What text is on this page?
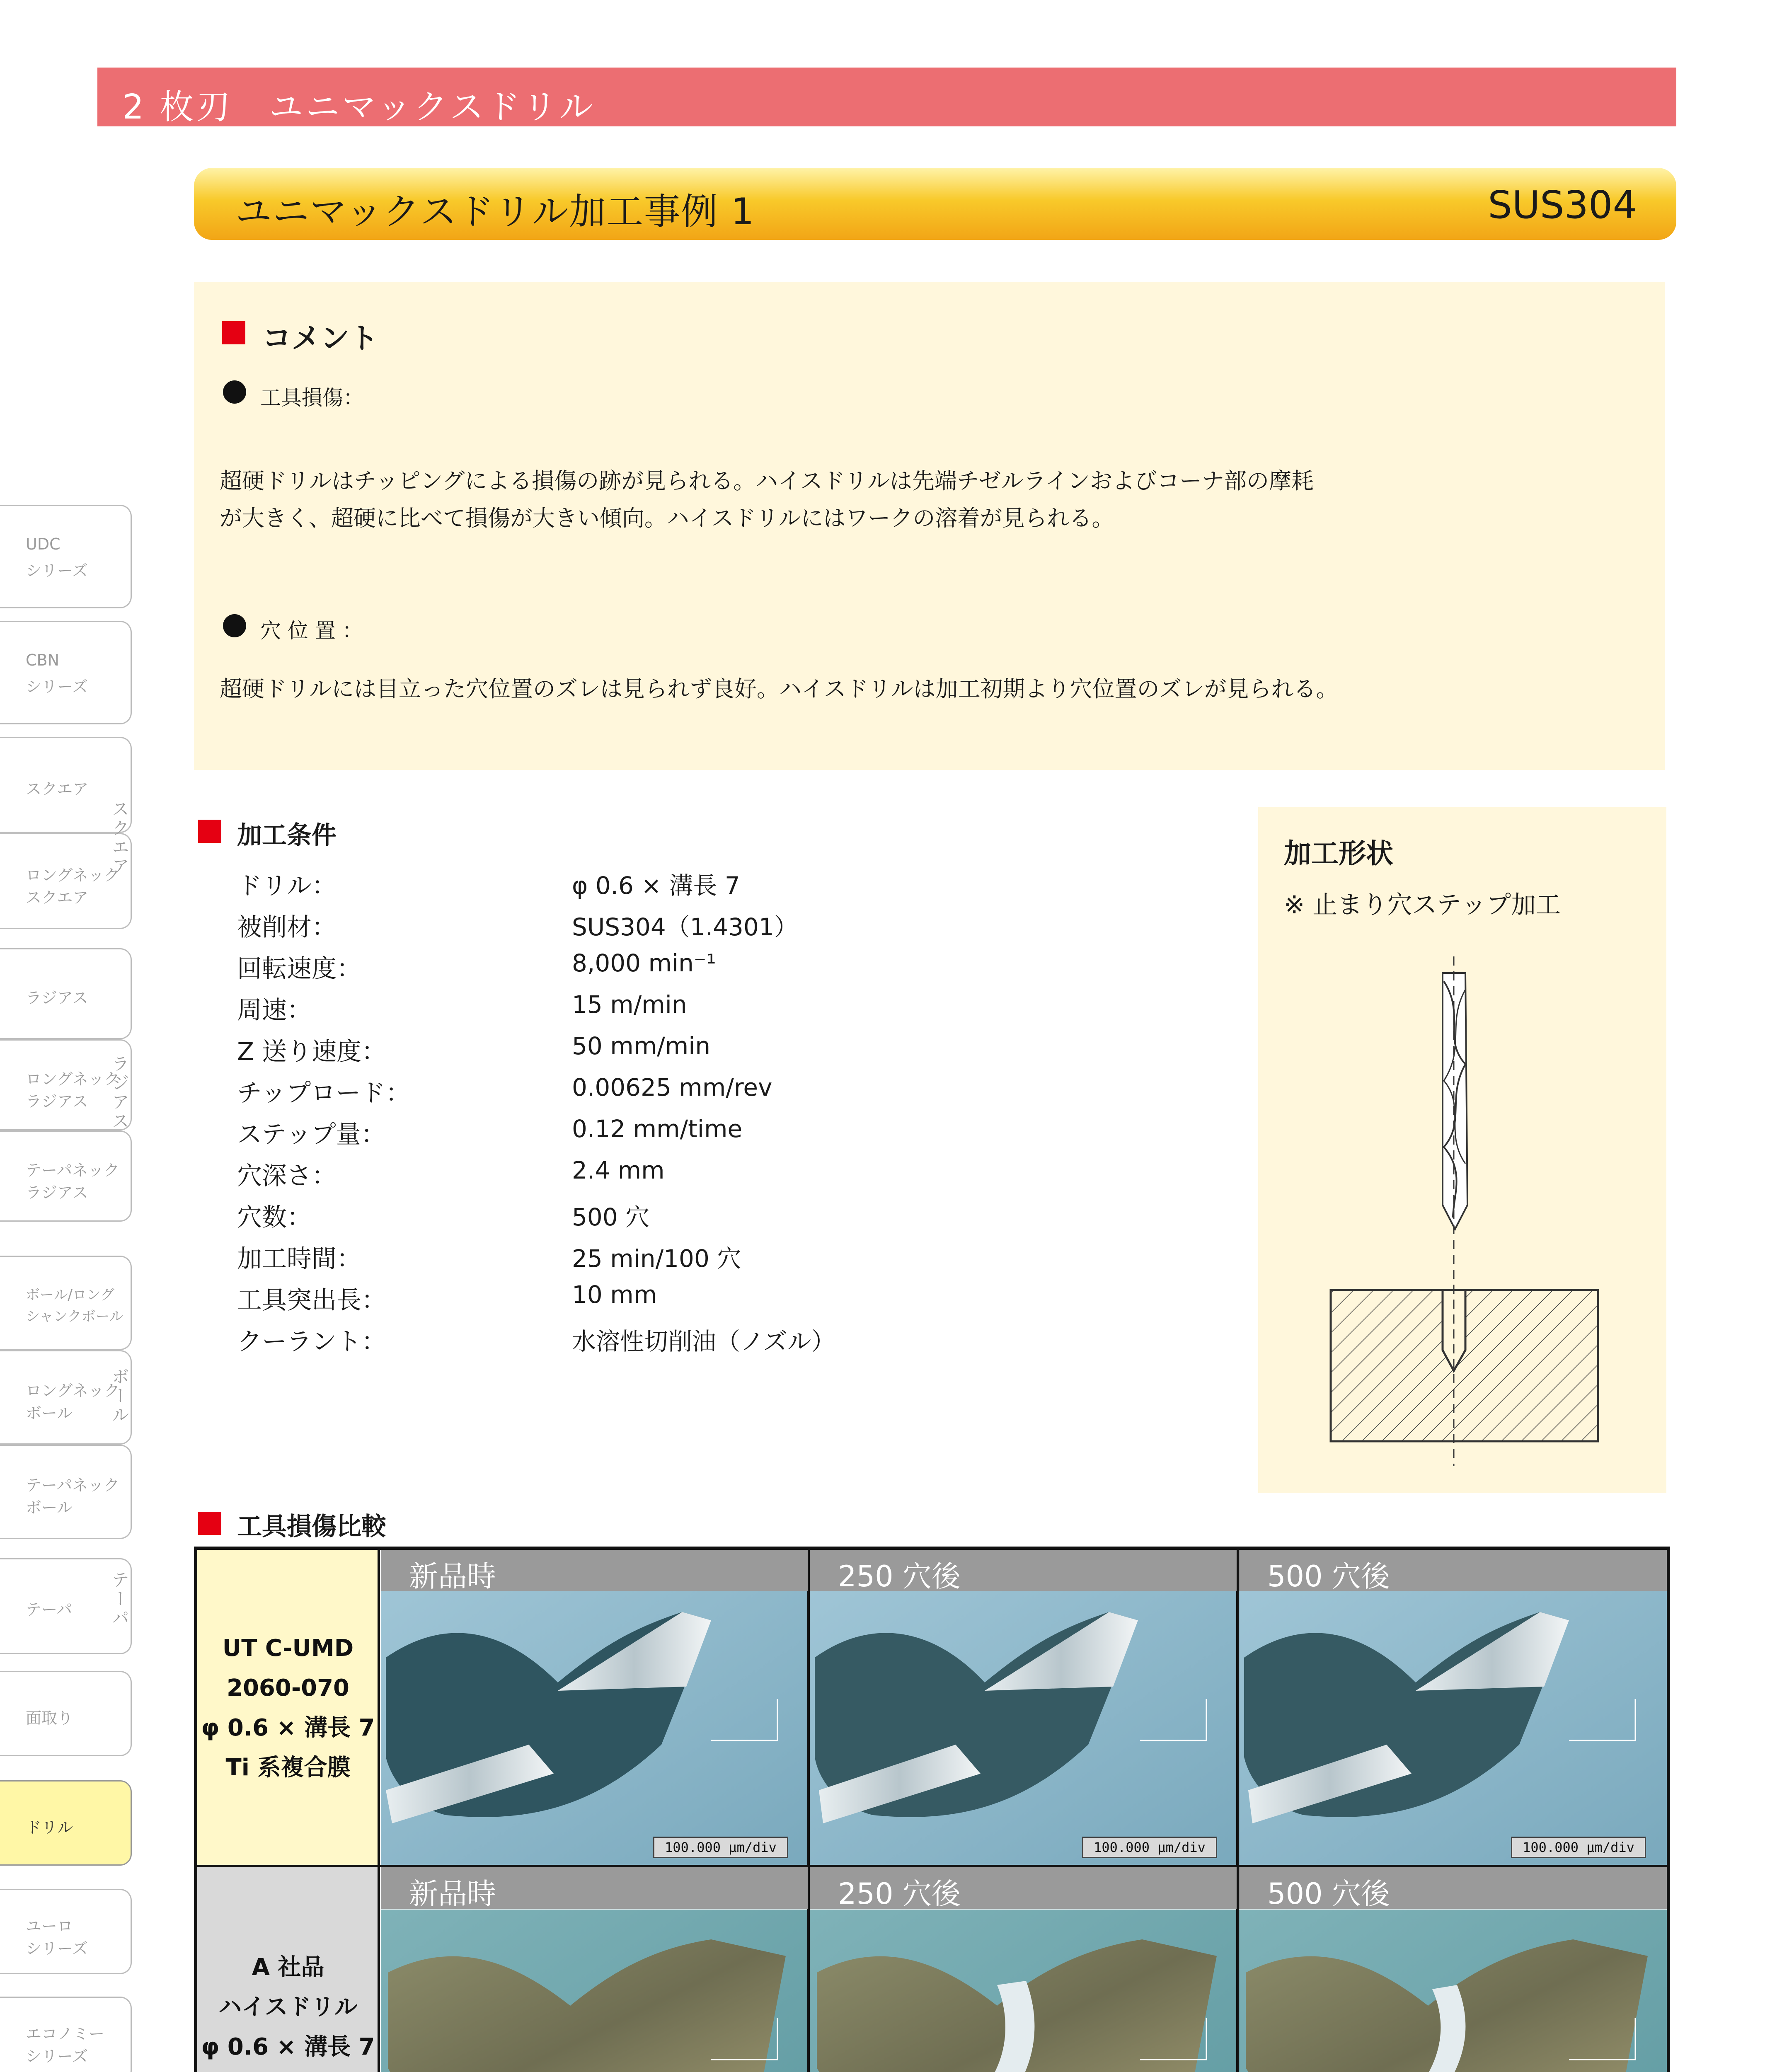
2 枚刃　ユニマックスドリル
ユニマックスドリル加工事例 1	SUS304
コメント
工具損傷：
超硬ドリルはチッピングによる損傷の跡が見られる。ハイスドリルは先端チゼルラインおよびコーナ部の摩耗
が大きく、超硬に比べて損傷が大きい傾向。ハイスドリルにはワークの溶着が見られる。
穴 位 置 ：
超硬ドリルには目立った穴位置のズレは見られず良好。ハイスドリルは加工初期より穴位置のズレが見られる。
加工条件
ドリル：	φ 0.6 × 溝長 7
被削材：	SUS304（1.4301）
回転速度：	8,000 min⁻¹
周速：	15 m/min
Z 送り速度：	50 mm/min
チップロード：	0.00625 mm/rev
ステップ量：	0.12 mm/time
穴深さ：	2.4 mm
穴数：	500 穴
加工時間：	25 min/100 穴
工具突出長：	10 mm
クーラント：	水溶性切削油（ノズル）
加工形状
※ 止まり穴ステップ加工
工具損傷比較
新品時	250 穴後	500 穴後
新品時	250 穴後	500 穴後
100.000 μm/div	100.000 μm/div	100.000 μm/div
UT C-UMD
2060-070
φ 0.6 × 溝長 7
Ti 系複合膜
A 社品
ハイスドリル
φ 0.6 × 溝長 7
UDC
シリーズ
CBN
シリーズ
スクエア
ロングネック
スクエア
スクエア
ラジアス
ロングネック
ラジアス
テーパネック
ラジアス
ラジアス
ボール/ロング
シャンクボール
ロングネック
ボール
テーパネック
ボール
ボール
テーパ テーパ
面取り
ドリル
ユーロ
シリーズ
エコノミー
シリーズ
